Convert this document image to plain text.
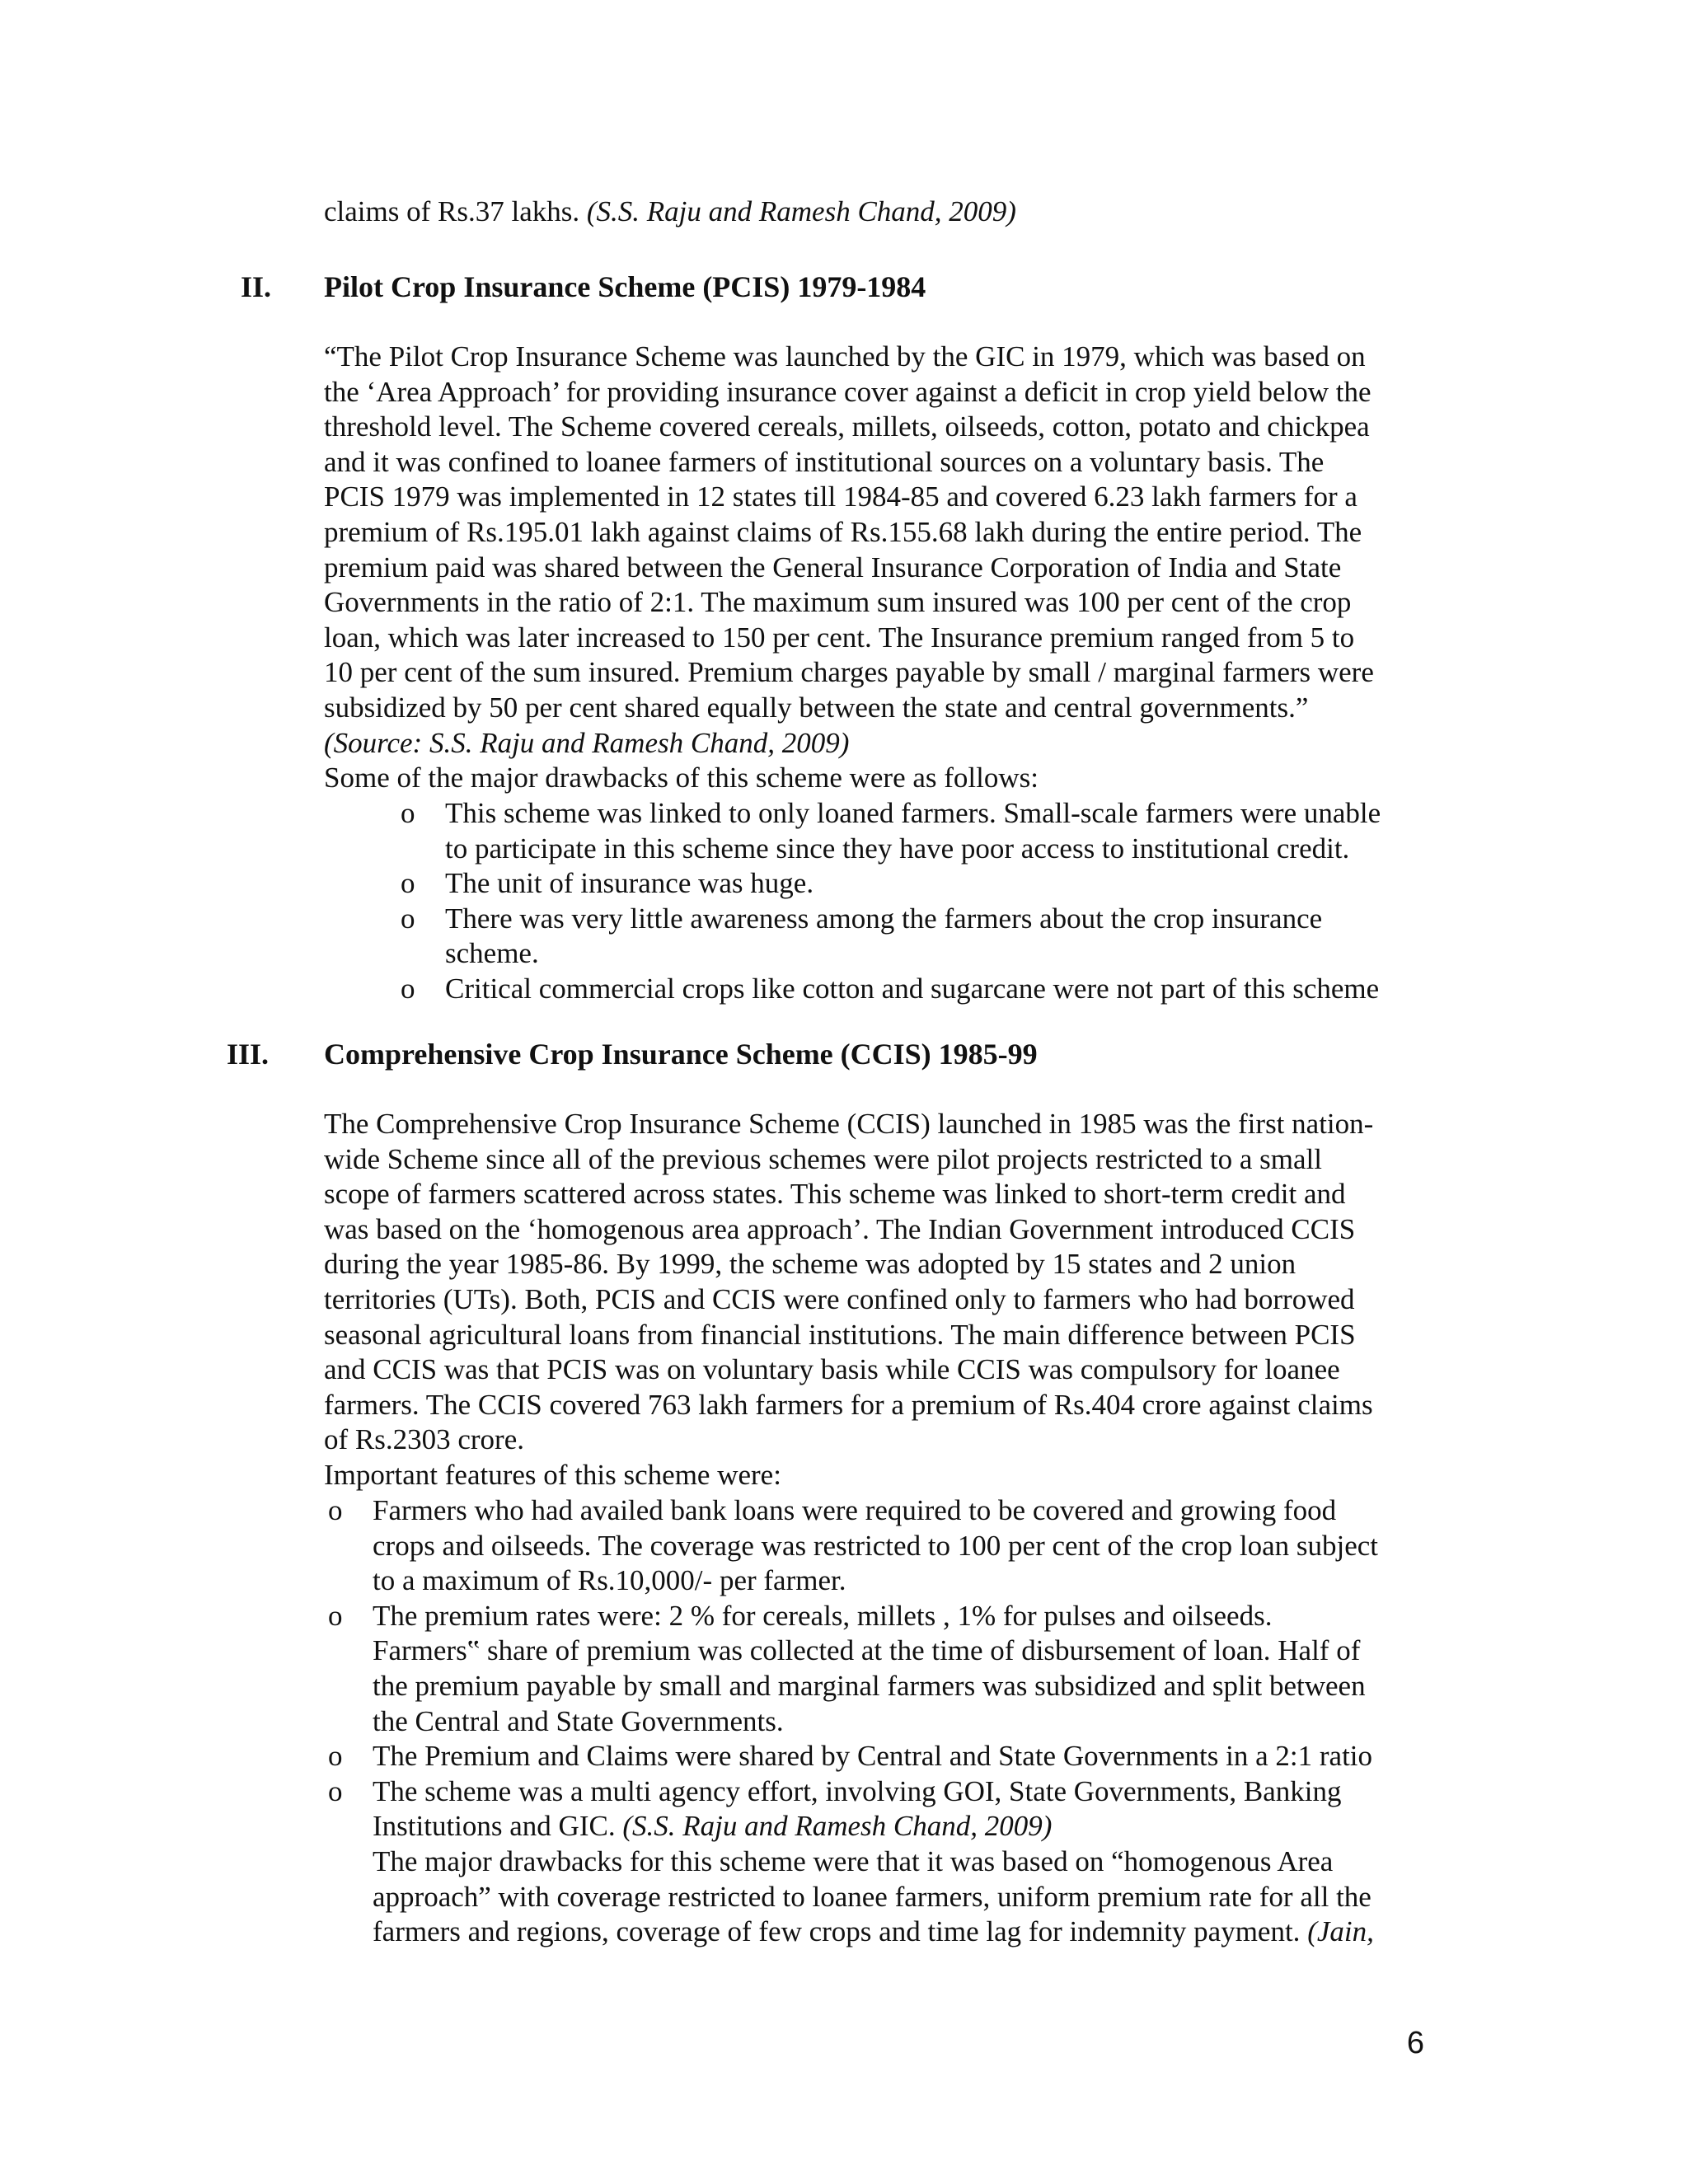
claims of Rs.37 lakhs. (S.S. Raju and Ramesh Chand, 2009)

II. Pilot Crop Insurance Scheme (PCIS) 1979-1984

“The Pilot Crop Insurance Scheme was launched by the GIC in 1979, which was based on

the ‘Area Approach’ for providing insurance cover against a deficit in crop yield below the

threshold level. The Scheme covered cereals, millets, oilseeds, cotton, potato and chickpea

and it was confined to loanee farmers of institutional sources on a voluntary basis. The

PCIS 1979 was implemented in 12 states till 1984-85 and covered 6.23 lakh farmers for a

premium of Rs.195.01 lakh against claims of Rs.155.68 lakh during the entire period. The

premium paid was shared between the General Insurance Corporation of India and State

Governments in the ratio of 2:1. The maximum sum insured was 100 per cent of the crop

loan, which was later increased to 150 per cent. The Insurance premium ranged from 5 to

10 per cent of the sum insured. Premium charges payable by small / marginal farmers were

subsidized by 50 per cent shared equally between the state and central governments.”

(Source: S.S. Raju and Ramesh Chand, 2009)

Some of the major drawbacks of this scheme were as follows:

o This scheme was linked to only loaned farmers. Small-scale farmers were unable
to participate in this scheme since they have poor access to institutional credit.
o The unit of insurance was huge.
o There was very little awareness among the farmers about the crop insurance
scheme.
o Critical commercial crops like cotton and sugarcane were not part of this scheme
III. Comprehensive Crop Insurance Scheme (CCIS) 1985-99

The Comprehensive Crop Insurance Scheme (CCIS) launched in 1985 was the first nation-

wide Scheme since all of the previous schemes were pilot projects restricted to a small

scope of farmers scattered across states. This scheme was linked to short-term credit and

was based on the ‘homogenous area approach’. The Indian Government introduced CCIS

during the year 1985-86. By 1999, the scheme was adopted by 15 states and 2 union

territories (UTs). Both, PCIS and CCIS were confined only to farmers who had borrowed

seasonal agricultural loans from financial institutions. The main difference between PCIS

and CCIS was that PCIS was on voluntary basis while CCIS was compulsory for loanee

farmers. The CCIS covered 763 lakh farmers for a premium of Rs.404 crore against claims

of Rs.2303 crore.

Important features of this scheme were:

o Farmers who had availed bank loans were required to be covered and growing food
crops and oilseeds. The coverage was restricted to 100 per cent of the crop loan subject
to a maximum of Rs.10,000/- per farmer.
o The premium rates were: 2 % for cereals, millets , 1% for pulses and oilseeds.
Farmers‟ share of premium was collected at the time of disbursement of loan. Half of
the premium payable by small and marginal farmers was subsidized and split between
the Central and State Governments.
o The Premium and Claims were shared by Central and State Governments in a 2:1 ratio
o The scheme was a multi agency effort, involving GOI, State Governments, Banking
Institutions and GIC. (S.S. Raju and Ramesh Chand, 2009)
The major drawbacks for this scheme were that it was based on “homogenous Area
approach” with coverage restricted to loanee farmers, uniform premium rate for all the
farmers and regions, coverage of few crops and time lag for indemnity payment. (Jain,
6
